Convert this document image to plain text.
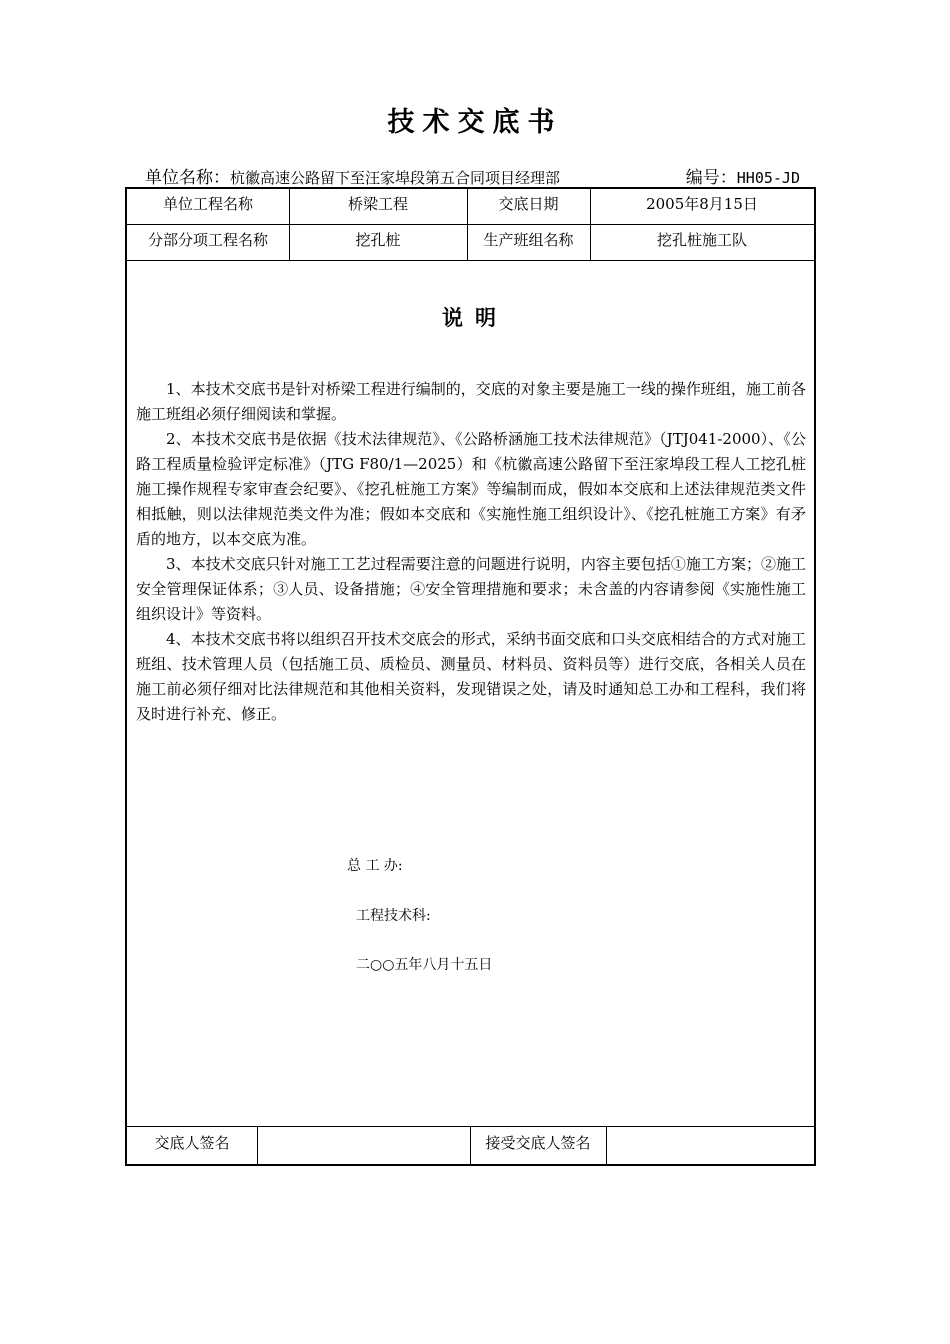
技术交底书
单位名称：杭徽高速公路留下至汪家埠段第五合同项目经理部	编号：HH05-JD
单位工程名称	桥梁工程	交底日期	2005年8月15日
分部分项工程名称	挖孔桩	生产班组名称	挖孔桩施工队
交底人签名	接受交底人签名
说明

1、本技术交底书是针对桥梁工程进行编制的，交底的对象主要是施工一线的操作班组，施工前各施工班组必须仔细阅读和掌握。

2、本技术交底书是依据《技术法律规范》、《公路桥涵施工技术法律规范》（JTJ041-2000）、《公路工程质量检验评定标准》（JTG F80/1—2025）和《杭徽高速公路留下至汪家埠段工程人工挖孔桩施工操作规程专家审查会纪要》、《挖孔桩施工方案》等编制而成，假如本交底和上述法律规范类文件相抵触，则以法律规范类文件为准；假如本交底和《实施性施工组织设计》、《挖孔桩施工方案》有矛盾的地方，以本交底为准。

3、本技术交底只针对施工工艺过程需要注意的问题进行说明，内容主要包括①施工方案；②施工安全管理保证体系；③人员、设备措施；④安全管理措施和要求；未含盖的内容请参阅《实施性施工组织设计》等资料。

4、本技术交底书将以组织召开技术交底会的形式，采纳书面交底和口头交底相结合的方式对施工班组、技术管理人员（包括施工员、质检员、测量员、材料员、资料员等）进行交底，各相关人员在施工前必须仔细对比法律规范和其他相关资料，发现错误之处，请及时通知总工办和工程科，我们将及时进行补充、修正。

总 工 办:
工程技术科:
二○○五年八月十五日
